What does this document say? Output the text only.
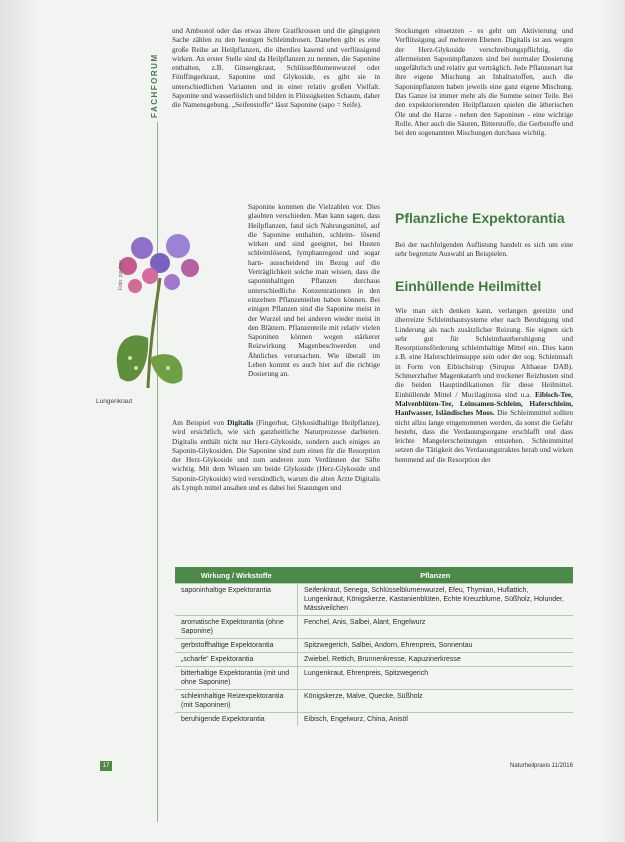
FACHFORUM

und Ambostol oder das etwas ältere Gratfkrossen und die gängigsten Sache zählen zu den heutigen Schleimdrosen. Daneben gibt es eine große Reihe an Heilpflanzen, die überdies kasend und verflüssigend wirken. An erster Stelle sind da Heilpflanzen zu nennen, die Saponine enthalten, z.B. Ginsengkraut, Schlüsselblumenwurzel oder Fünffingerkraut, Saponine und Glykoside, es gibt sie in unterschiedlichen Varianten und in einer relativ großen Vielfalt. Saponine und wasserlöslich und bilden in Flüssigkeiten Schaum, daher die Namensgebung. „Seifenstoffe“ lässt Saponine (sapo = Seife).

Saponine kommen die Vielzahlen vor. Dies glaubten verschieden. Man kann sagen, dass Heilpflanzen, fand sich Nahrungsmittel, auf die Saponine enthalten, schleim- lösend wirken und sind geeignet, bei Husten schleimlösend, lymphanregend und sogar harn- ausscheidend im Bezug auf die Verträglichkeit solche man wissen, dass die saponinhaltigen Pflanzen durchaus unterschiedliche Konzentrationen in den einzelnen Pflanzenteilen haben können. Bei einigen Pflanzen sind die Saponine meist in der Wurzel und bei anderen wieder meist in den Blättern. Pflanzenteile mit relativ vielen Saponinen können wegen stärkerer Reizwirkung Magenbeschwerden und Ähnliches verursachen. Wie überall im Leben kommt es auch hier auf die richtige Dosierung an.

Foto: pixabay
Lungenkraut

Am Beispiel von Digitalis (Fingerhut, Glykosidhaltige Heilpflanze), wird ersichtlich, wie sich ganzheitliche Naturprozesse darbieten. Digitalis enthält nicht nur Herz-Glykoside, sondern auch einiges an Saponin-Glykosiden. Die Saponine sind zum einen für die Resorption der Herz-Glykoside und zum anderen zum Verdünnen der Säfte wichtig. Mit dem Wissen um beide Glykoside (Herz-Glykoside und Saponin-Glykoside) wird verständlich, warum die alten Ärzte Digitalis als Lymph mittel ansahen und es dabei bei Stauungen und

Stockungen einsetzten - es geht um Aktivierung und Verflüssigung auf mehreren Ebenen. Digitalis ist aus wegen der Herz-Glykoside verschreibungspflichtig, die allermeisten Saponinpflanzen sind bei normaler Dosierung ungefährlich und relativ gut verträglich. Jede Pflanzenart hat ihre eigene Mischung an Inhaltsstoffen, auch die Saponinpflanzen haben jeweils eine ganz eigene Mischung. Das Ganze ist immer mehr als die Summe seiner Teile. Bei den expektorierenden Heilpflanzen spielen die ätherischen Öle und die Harze - neben den Saponinen - eine wichtige Rolle. Aber auch die Säuren, Bitterstoffe, die Gerbstoffe und bei den sogenannten Mischungen durchaus wichtig.

Pflanzliche Expektorantia

Bei der nachfolgenden Auflistung handelt es sich um eine sehr begrenzte Auswahl an Beispielen.

Einhüllende Heilmittel

Wie man sich denken kann, verlangen gereizte und überreizte Schleimhautsysteme eher nach Beruhigung und Linderung als nach zusätzlicher Reizung. Sie eignen sich sehr gut für Schleimhautberuhigung und Resorptionsförderung schleimhaltige Mittel ein. Dies kann z.B. eine Haferschleimsuppe sein oder der sog. Schleimsaft in Form von Eibischsirup (Sirupus Althaeae DAB). Schmerzhafter Magenkatarrh und trockener Reizhusten sind die beiden Hauptindikationen für diese Heilmittel. Einhüllende Mittel / Mucilaginosa sind u.a. Eibisch-Tee, Malvenblüten-Tee, Leinsamen-Schleim, Haferschleim, Hanfwasser, Isländisches Moos. Die Schleimmittel sollten nicht allzu lange eingenommen werden, da sonst die Gefahr besteht, dass die Verdauungsorgane erschlafft und dass leichte Mangelerscheinungen entstehen. Schleimmittel setzen die Tätigkeit des Verdauungstraktes herab und wirken hemmend auf die Resorption der

Wirkung / Wirkstoffe	Pflanzen
saponinhaltige Expektorantia	Seifenkraut, Senega, Schlüsselblumenwurzel, Efeu, Thymian, Huflattich, Lungenkraut, Königskerze, Kastanienblüten, Echte Kreuzblume, Süßholz, Holunder, Mässiveilchen
aromatische Expektorantia (ohne Saponine)	Fenchel, Anis, Salbei, Alant, Engelwurz
gerbstoffhaltige Expektorantia	Spitzwegerich, Salbei, Andorn, Ehrenpreis, Sonnentau
„scharfe“ Expektorantia	Zwiebel, Rettich, Brunnenkresse, Kapuzinerkresse
bitterhaltige Expektorantia (mit und ohne Saponine)	Lungenkraut, Ehrenpreis, Spitzwegerich
schleimhaltige Reizexpektorantia (mit Saponinen)	Königskerze, Malve, Quecke, Süßholz
beruhigende Expektorantia	Eibisch, Engelwurz, China, Anisöl
17	Naturheilpraxis 11/2016
